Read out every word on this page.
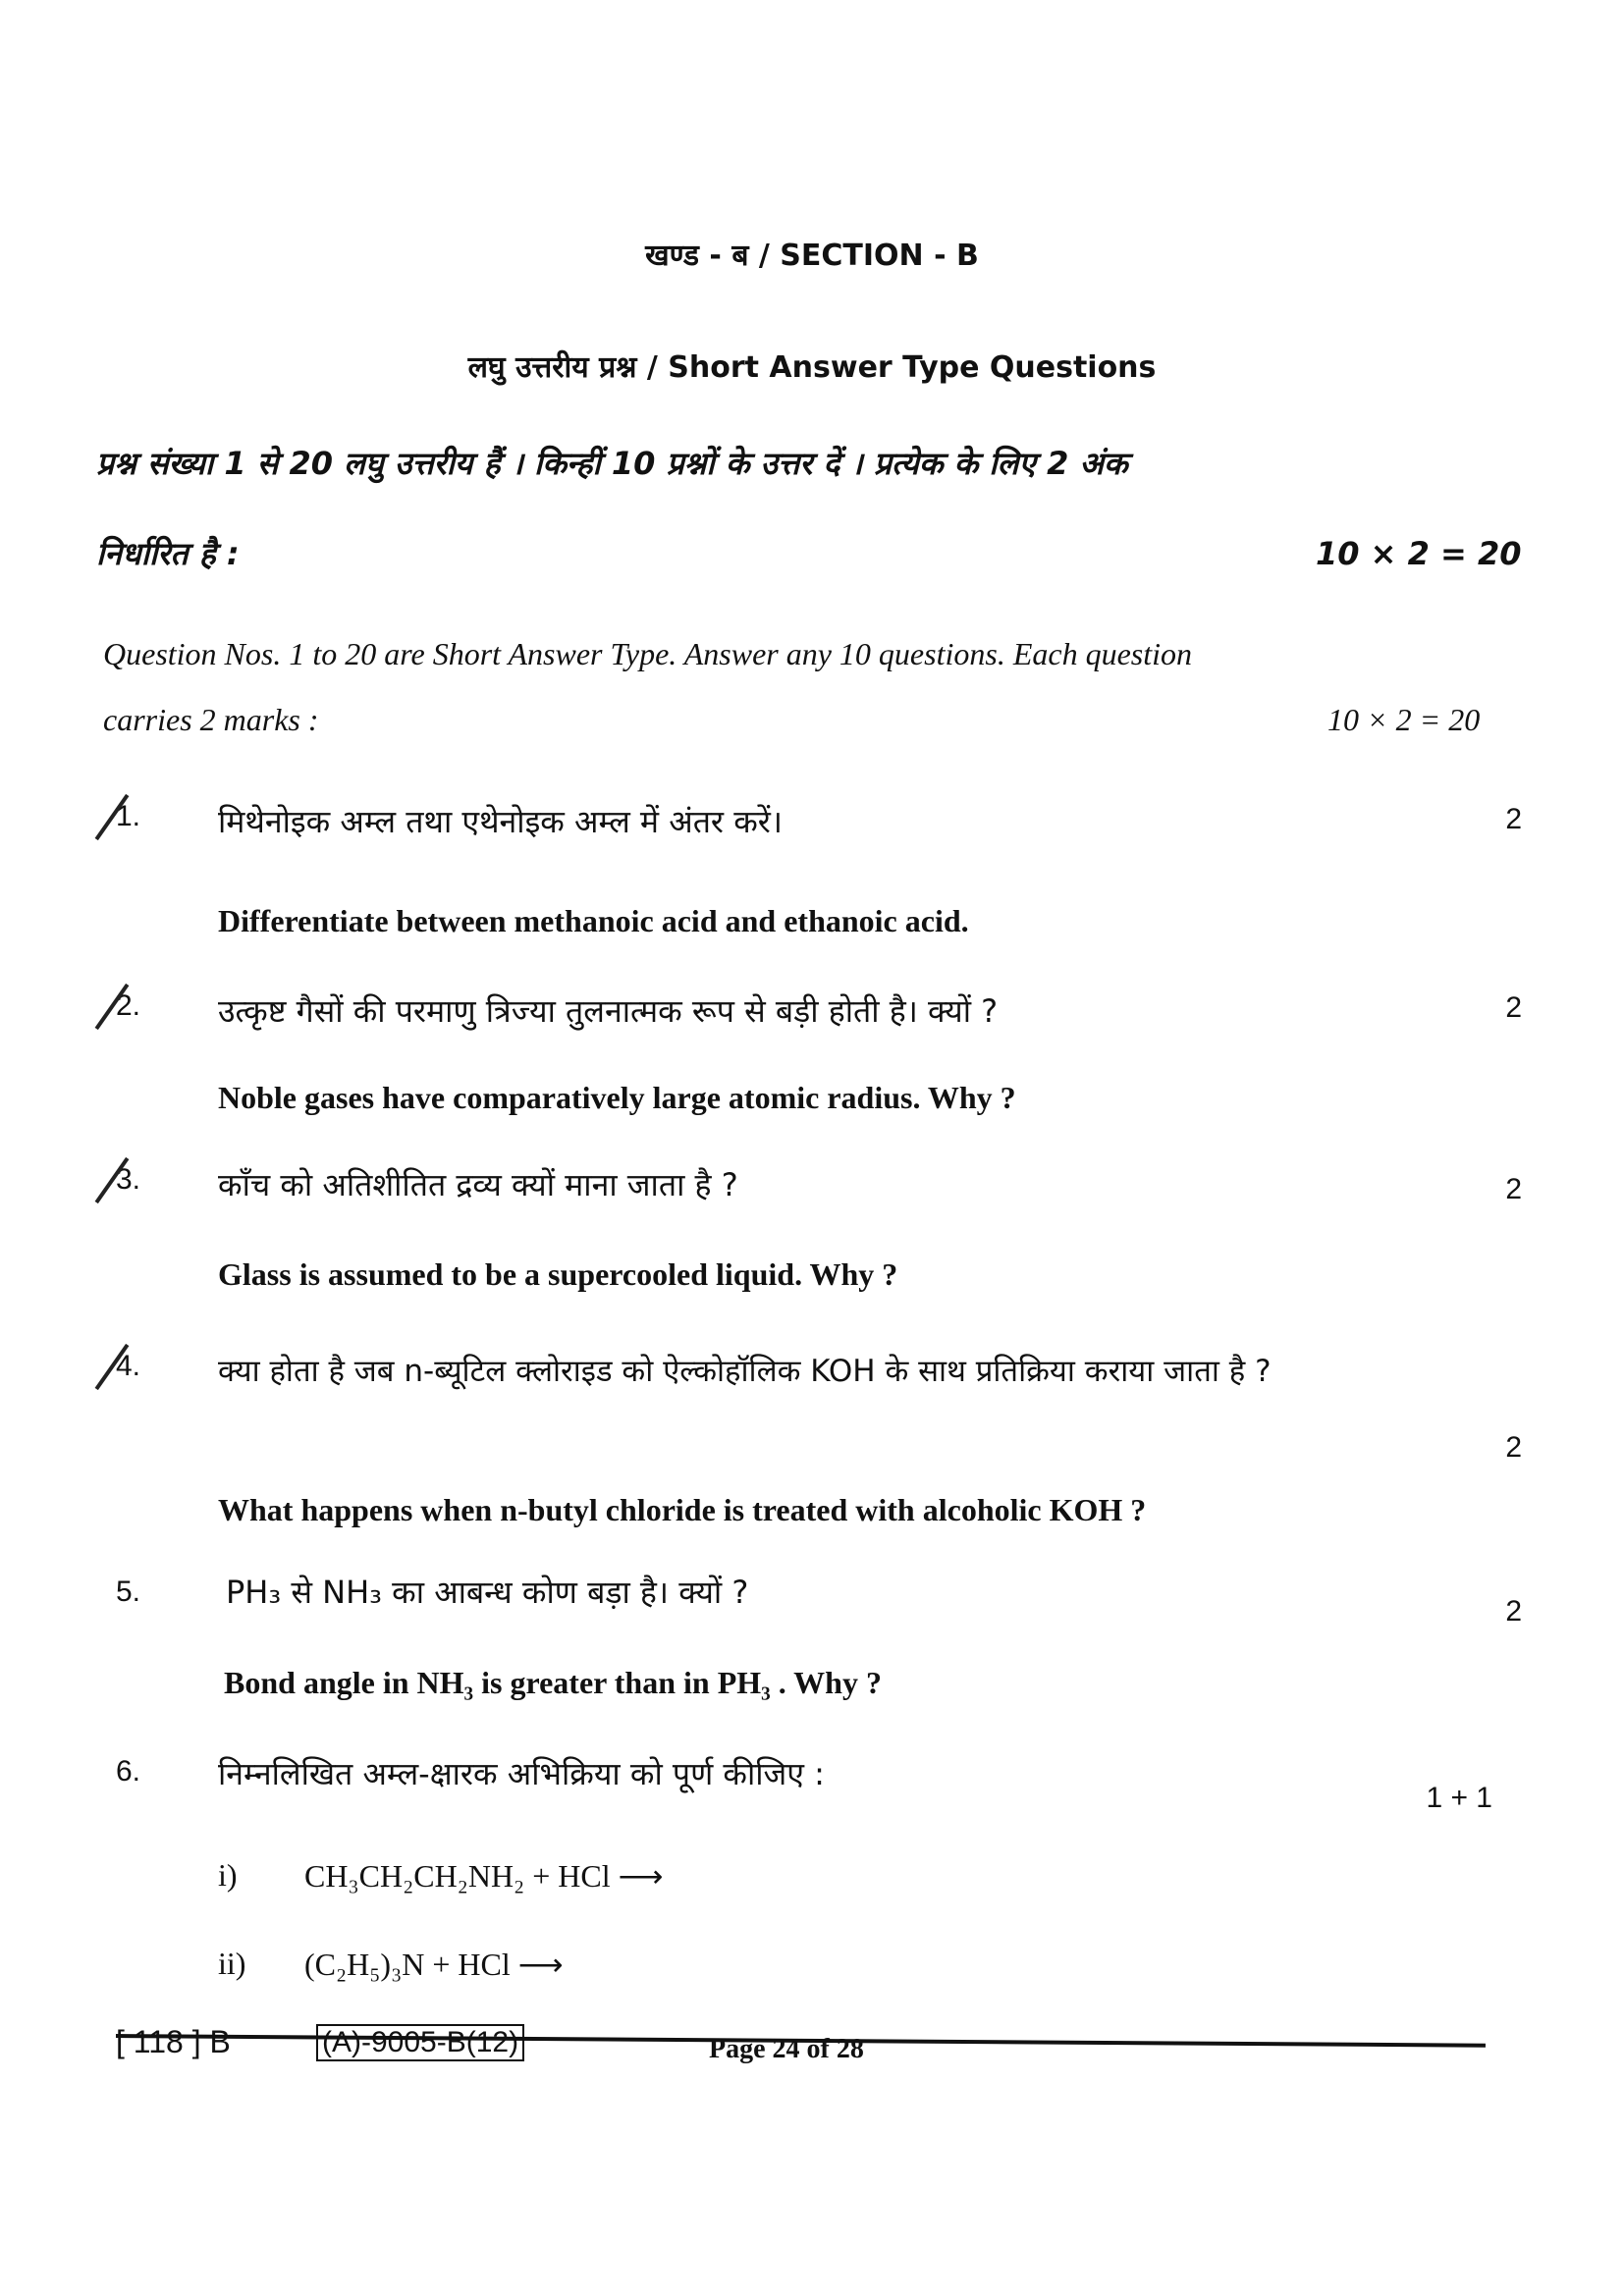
खण्ड - ब / SECTION - B
लघु उत्तरीय प्रश्न / Short Answer Type Questions
प्रश्न संख्या 1 से 20 लघु उत्तरीय हैं । किन्हीं 10 प्रश्नों के उत्तर दें । प्रत्येक के लिए 2 अंक
निर्धारित है :	10 × 2 = 20
Question Nos. 1 to 20 are Short Answer Type. Answer any 10 questions. Each question
carries 2 marks :	10 × 2 = 20
1. मिथेनोइक अम्ल तथा एथेनोइक अम्ल में अंतर करें।	2
Differentiate between methanoic acid and ethanoic acid.
2. उत्कृष्ट गैसों की परमाणु त्रिज्या तुलनात्मक रूप से बड़ी होती है। क्यों ?	2
Noble gases have comparatively large atomic radius. Why ?
3. काँच को अतिशीतित द्रव्य क्यों माना जाता है ?	2
Glass is assumed to be a supercooled liquid. Why ?
4.	क्या होता है जब n-ब्यूटिल क्लोराइड को ऐल्कोहॉलिक KOH के साथ प्रतिक्रिया कराया जाता है ?
2
What happens when n-butyl chloride is treated with alcoholic KOH ?
5.	PH₃ से NH₃ का आबन्ध कोण बड़ा है। क्यों ?
2
Bond angle in NH₃ is greater than in PH₃ . Why ?
6. निम्नलिखित अम्ल-क्षारक अभिक्रिया को पूर्ण कीजिए :
1 + 1
i) CH₃CH₂CH₂NH₂ + HCl ⟶
ii) (C₂H₅)₃N + HCl ⟶
[ 118 ] B	(A)-9005-B(12)	Page 24 of 28
